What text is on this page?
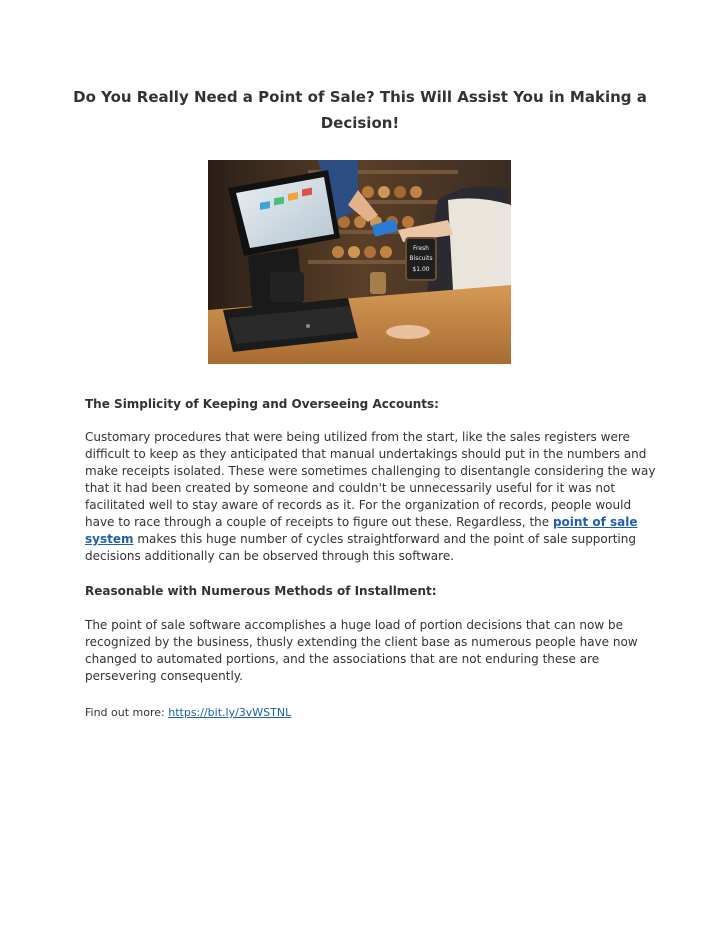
Do You Really Need a Point of Sale? This Will Assist You in Making a
Decision!
Fresh
Biscuits
$1.00
The Simplicity of Keeping and Overseeing Accounts:
Customary procedures that were being utilized from the start, like the sales registers were
difficult to keep as they anticipated that manual undertakings should put in the numbers and
make receipts isolated. These were sometimes challenging to disentangle considering the way
that it had been created by someone and couldn't be unnecessarily useful for it was not
facilitated well to stay aware of records as it. For the organization of records, people would
have to race through a couple of receipts to figure out these. Regardless, the point of sale
system makes this huge number of cycles straightforward and the point of sale supporting
decisions additionally can be observed through this software.
Reasonable with Numerous Methods of Installment:
The point of sale software accomplishes a huge load of portion decisions that can now be
recognized by the business, thusly extending the client base as numerous people have now
changed to automated portions, and the associations that are not enduring these are
persevering consequently.
Find out more: https://bit.ly/3vWSTNL
